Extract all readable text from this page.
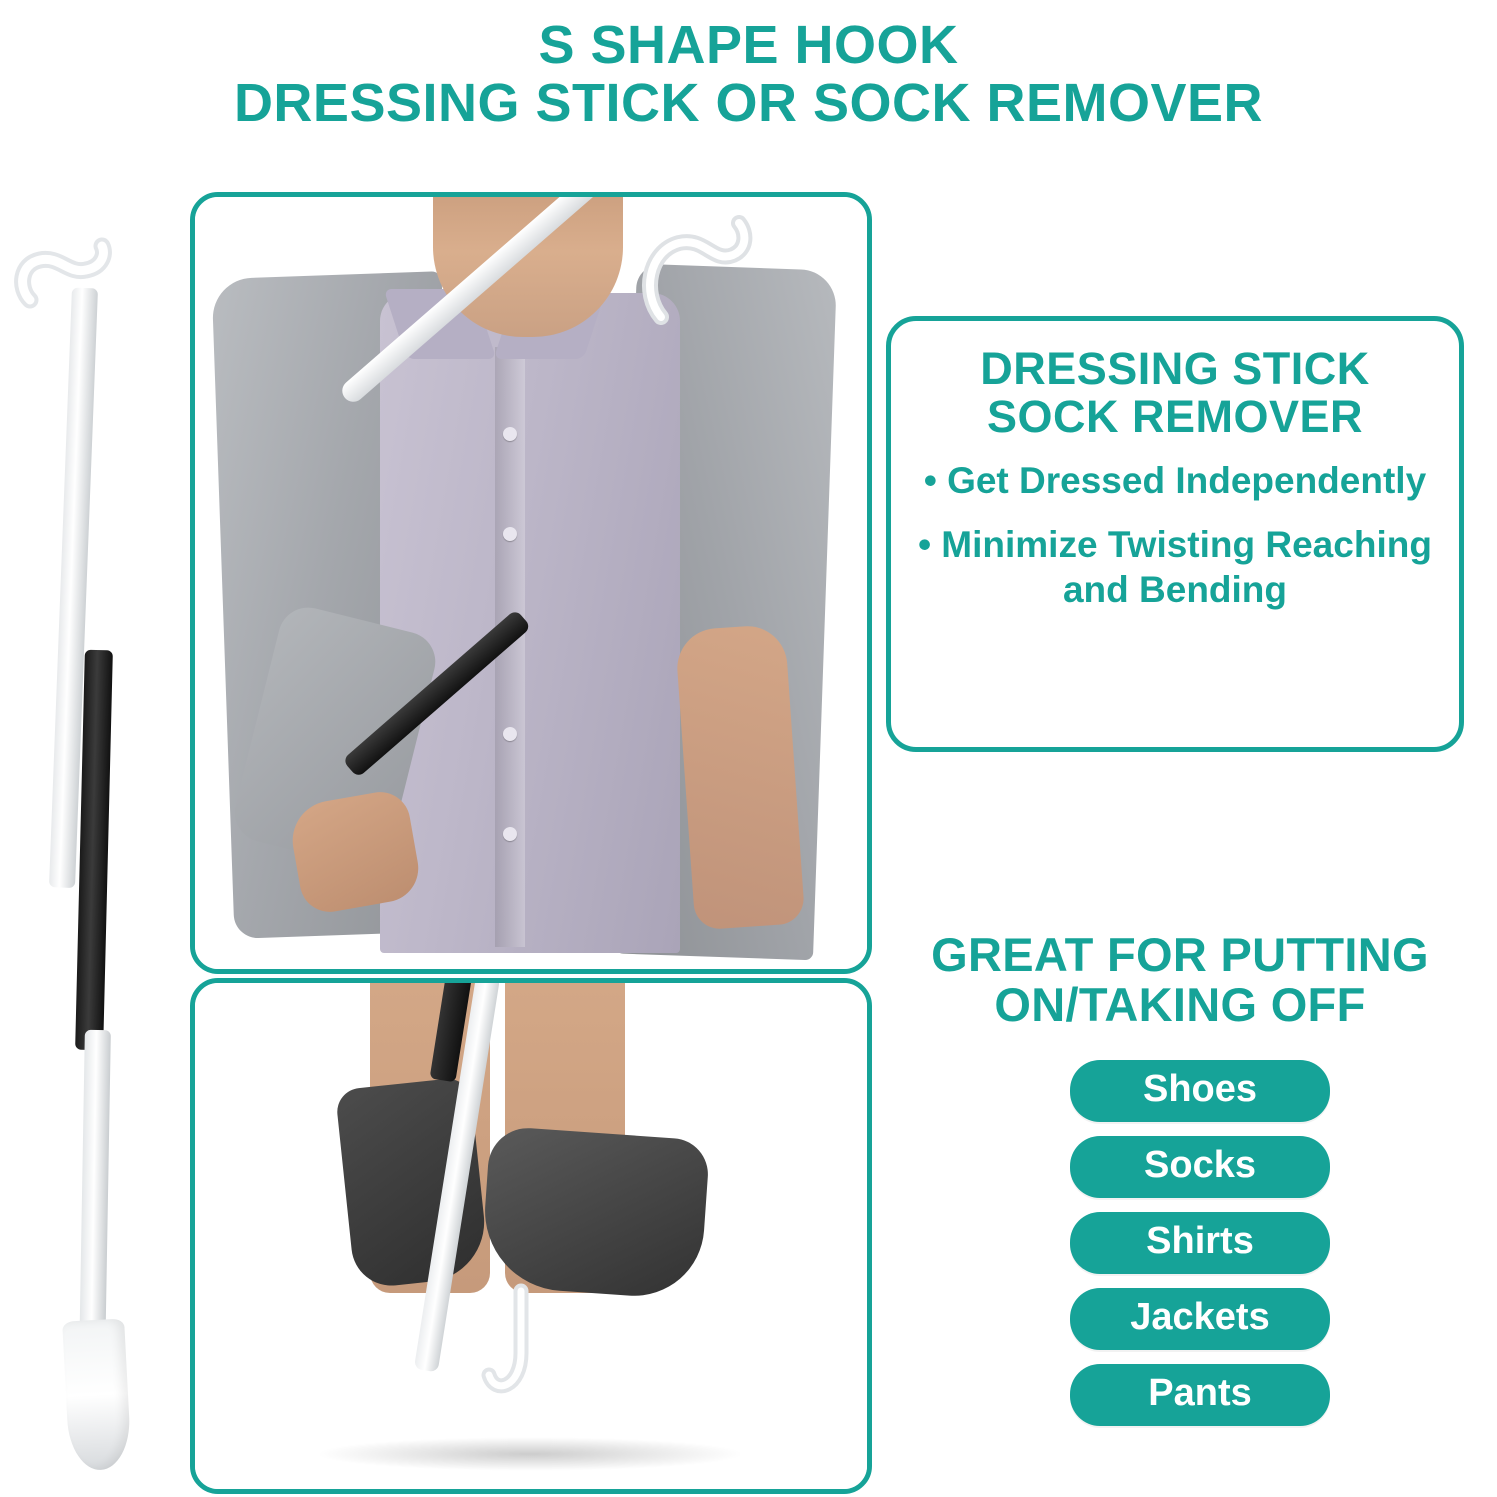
S SHAPE HOOK
DRESSING STICK OR SOCK REMOVER
DRESSING STICK
SOCK REMOVER
• Get Dressed Independently
• Minimize Twisting Reaching and Bending
GREAT FOR PUTTING
ON/TAKING OFF
Shoes
Socks
Shirts
Jackets
Pants
